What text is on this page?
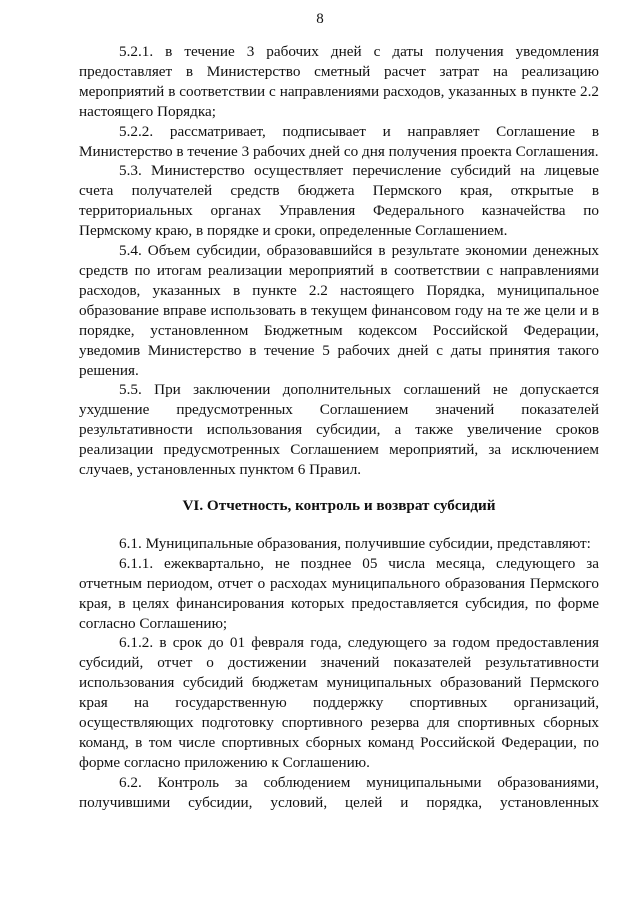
8

5.2.1. в течение 3 рабочих дней с даты получения уведомления предоставляет в Министерство сметный расчет затрат на реализацию мероприятий в соответствии с направлениями расходов, указанных в пункте 2.2 настоящего Порядка;

5.2.2. рассматривает, подписывает и направляет Соглашение в Министерство в течение 3 рабочих дней со дня получения проекта Соглашения.

5.3. Министерство осуществляет перечисление субсидий на лицевые счета получателей средств бюджета Пермского края, открытые в территориальных органах Управления Федерального казначейства по Пермскому краю, в порядке и сроки, определенные Соглашением.

5.4. Объем субсидии, образовавшийся в результате экономии денежных средств по итогам реализации мероприятий в соответствии с направлениями расходов, указанных в пункте 2.2 настоящего Порядка, муниципальное образование вправе использовать в текущем финансовом году на те же цели и в порядке, установленном Бюджетным кодексом Российской Федерации, уведомив Министерство в течение 5 рабочих дней с даты принятия такого решения.

5.5. При заключении дополнительных соглашений не допускается ухудшение предусмотренных Соглашением значений показателей результативности использования субсидии, а также увеличение сроков реализации предусмотренных Соглашением мероприятий, за исключением случаев, установленных пунктом 6 Правил.

VI. Отчетность, контроль и возврат субсидий

6.1. Муниципальные образования, получившие субсидии, представляют:

6.1.1. ежеквартально, не позднее 05 числа месяца, следующего за отчетным периодом, отчет о расходах муниципального образования Пермского края, в целях финансирования которых предоставляется субсидия, по форме согласно Соглашению;

6.1.2. в срок до 01 февраля года, следующего за годом предоставления субсидий, отчет о достижении значений показателей результативности использования субсидий бюджетам муниципальных образований Пермского края на государственную поддержку спортивных организаций, осуществляющих подготовку спортивного резерва для спортивных сборных команд, в том числе спортивных сборных команд Российской Федерации, по форме согласно приложению к Соглашению.

6.2. Контроль за соблюдением муниципальными образованиями, получившими субсидии, условий, целей и порядка, установленных
